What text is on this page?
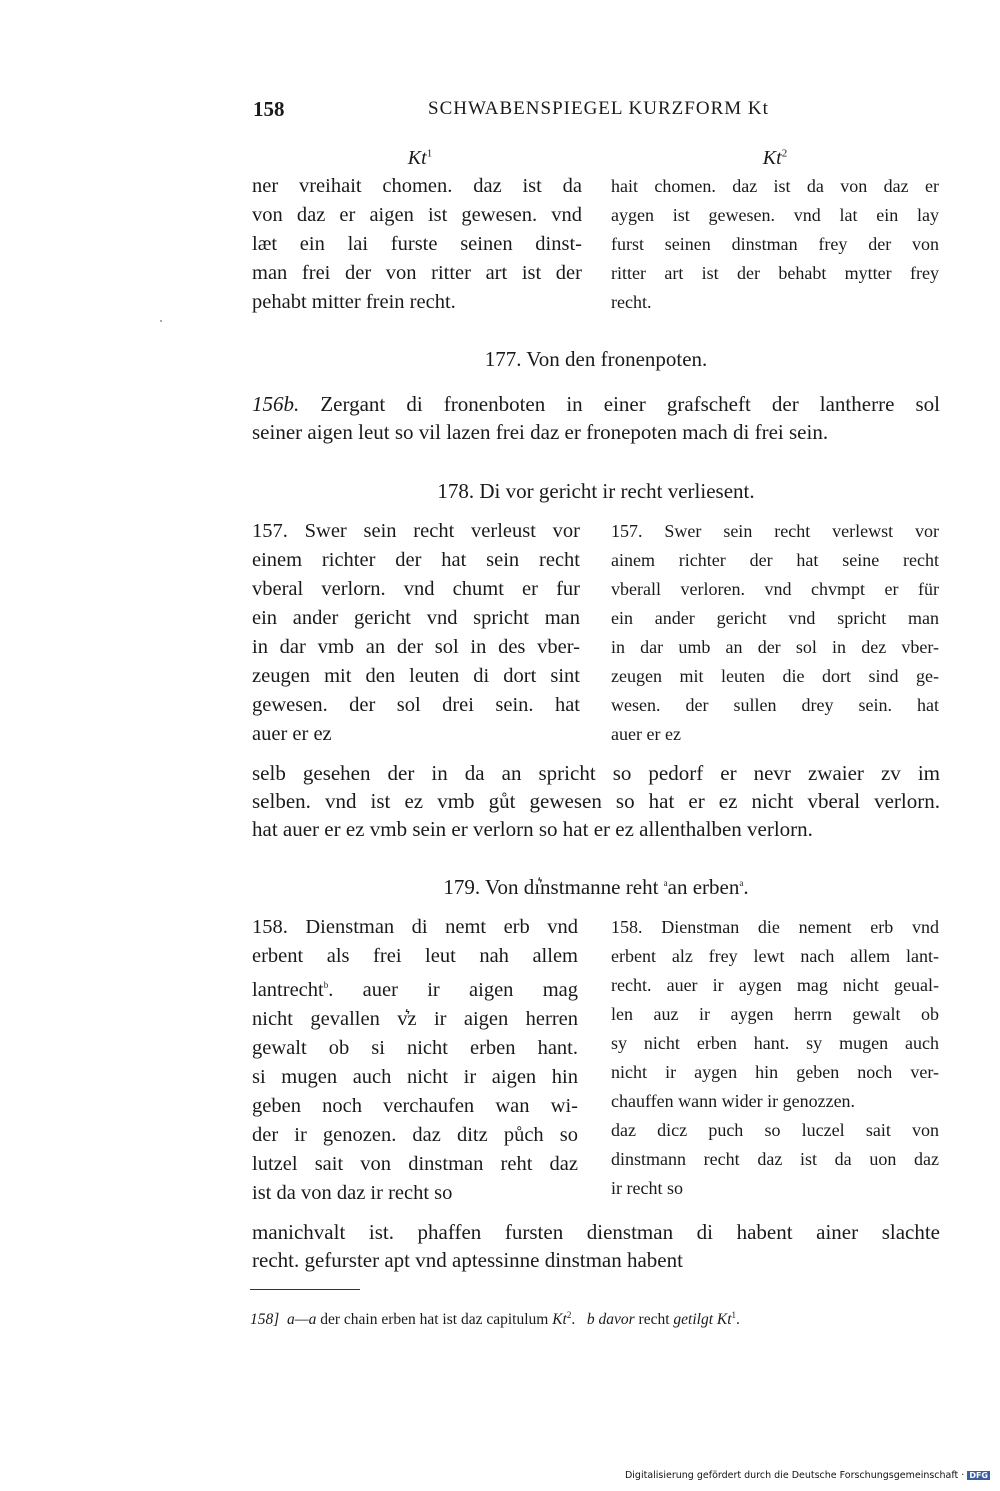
158	SCHWABENSPIEGEL KURZFORM Kt
Kt$^1$	Kt$^2$
ner vreihait chomen. daz ist da
von daz er aigen ist gewesen. vnd
læt ein lai furste seinen dinst-
man frei der von ritter art ist der
pehabt mitter frein recht.
hait chomen. daz ist da von daz er
aygen ist gewesen. vnd lat ein lay
furst seinen dinstman frey der von
ritter art ist der behabt mytter frey
recht.
177. Von den fronenpoten.
156b. Zergant di fronenboten in einer grafscheft der lantherre sol
seiner aigen leut so vil lazen frei daz er fronepoten mach di frei sein.
178. Di vor gericht ir recht verliesent.
157. Swer sein recht verleust vor
einem richter der hat sein recht
vberal verlorn. vnd chumt er fur
ein ander gericht vnd spricht man
in dar vmb an der sol in des vber-
zeugen mit den leuten di dort sint
gewesen. der sol drei sein. hat
auer er ez
157. Swer sein recht verlewst vor
ainem richter der hat seine recht
vberall verloren. vnd chvmpt er für
ein ander gericht vnd spricht man
in dar umb an der sol in dez vber-
zeugen mit leuten die dort sind ge-
wesen. der sullen drey sein. hat
auer er ez
selb gesehen der in da an spricht so pedorf er nevr zwaier zv im
selben. vnd ist ez vmb gůt gewesen so hat er ez nicht vberal verlorn.
hat auer er ez vmb sein er verlorn so hat er ez allenthalben verlorn.
179. Von dı͛nstmanne reht $^a$an erben$^a$.
158. Dienstman di nemt erb vnd
erbent als frei leut nah allem
lantrecht$^b$. auer ir aigen mag
nicht gevallen v͛z ir aigen herren
gewalt ob si nicht erben hant.
si mugen auch nicht ir aigen hin
geben noch verchaufen wan wi-
der ir genozen. daz ditz půch so
lutzel sait von dinstman reht daz
ist da von daz ir recht so
158. Dienstman die nement erb vnd
erbent alz frey lewt nach allem lant-
recht. auer ir aygen mag nicht geual-
len auz ir aygen herrn gewalt ob
sy nicht erben hant. sy mugen auch
nicht ir aygen hin geben noch ver-
chauffen wann wider ir genozzen.
daz dicz puch so luczel sait von
dinstmann recht daz ist da uon daz
ir recht so
manichvalt ist. phaffen fursten dienstman di habent ainer slachte
recht. gefurster apt vnd aptessinne dinstman habent
158] a—a der chain erben hat ist daz capitulum Kt$^2$.   b davor recht getilgt Kt$^1$.
Digitalisierung gefördert durch die Deutsche Forschungsgemeinschaft · DFG
